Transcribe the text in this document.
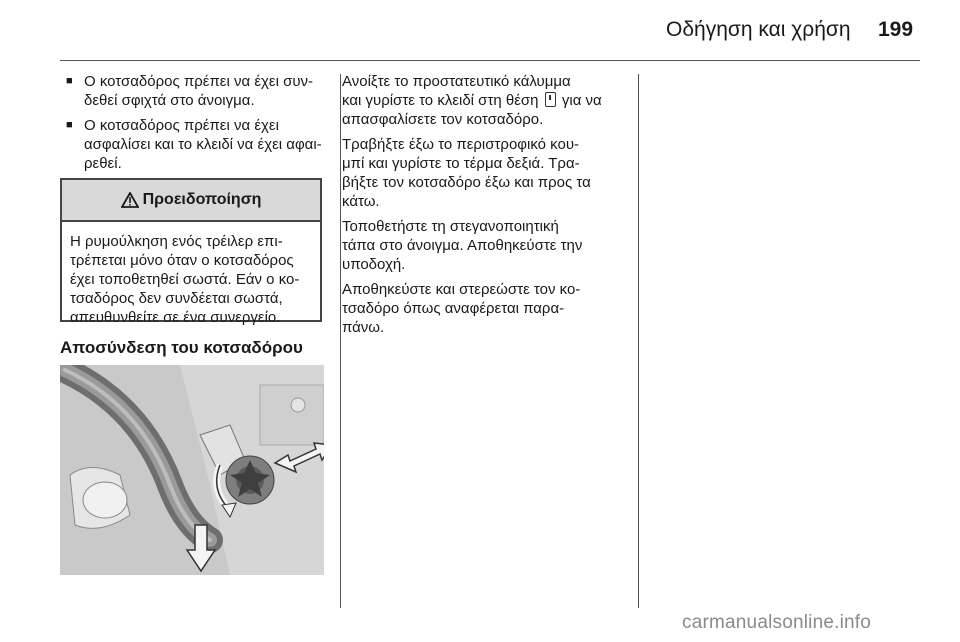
Οδήγηση και χρήση 199
■ Ο κοτσαδόρος πρέπει να έχει συν-
δεθεί σφιχτά στο άνοιγμα.
■ Ο κοτσαδόρος πρέπει να έχει
ασφαλίσει και το κλειδί να έχει αφαι-
ρεθεί.
Προειδοποίηση
Η ρυμούλκηση ενός τρέιλερ επι-
τρέπεται μόνο όταν ο κοτσαδόρος
έχει τοποθετηθεί σωστά. Εάν ο κο-
τσαδόρος δεν συνδέεται σωστά,
απευθυνθείτε σε ένα συνεργείο.
Αποσύνδεση του κοτσαδόρου
Ανοίξτε το προστατευτικό κάλυμμα
και γυρίστε το κλειδί στη θέση για να
απασφαλίσετε τον κοτσαδόρο.
Τραβήξτε έξω το περιστροφικό κου-
μπί και γυρίστε το τέρμα δεξιά. Τρα-
βήξτε τον κοτσαδόρο έξω και προς τα
κάτω.
Τοποθετήστε τη στεγανοποιητική
τάπα στο άνοιγμα. Αποθηκεύστε την
υποδοχή.
Αποθηκεύστε και στερεώστε τον κο-
τσαδόρο όπως αναφέρεται παρα-
πάνω.
carmanualsonline.info
